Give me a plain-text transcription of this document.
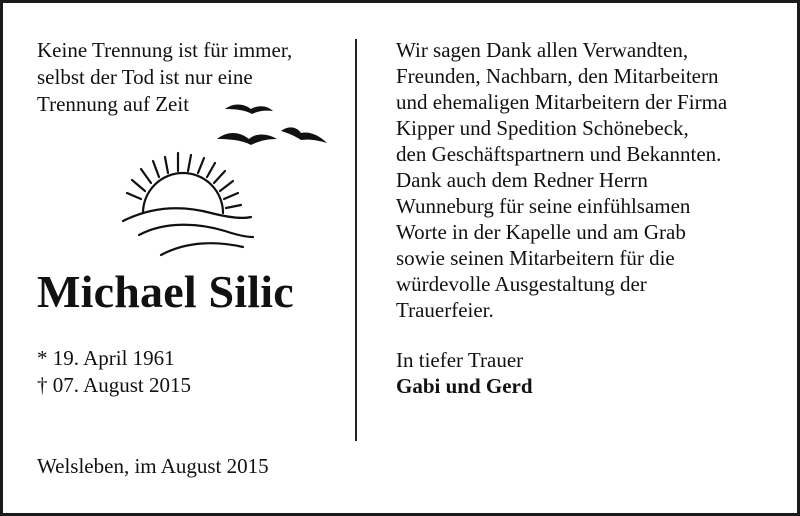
Keine Trennung ist für immer,
selbst der Tod ist nur eine
Trennung auf Zeit
Michael Silic
* 19. April 1961
† 07. August 2015
Welsleben, im August 2015
Wir sagen Dank allen Verwandten,
Freunden, Nachbarn, den Mitarbeitern
und ehemaligen Mitarbeitern der Firma
Kipper und Spedition Schönebeck,
den Geschäftspartnern und Bekannten.
Dank auch dem Redner Herrn
Wunneburg für seine einfühlsamen
Worte in der Kapelle und am Grab
sowie seinen Mitarbeitern für die
würdevolle Ausgestaltung der
Trauerfeier.
In tiefer Trauer
Gabi und Gerd
